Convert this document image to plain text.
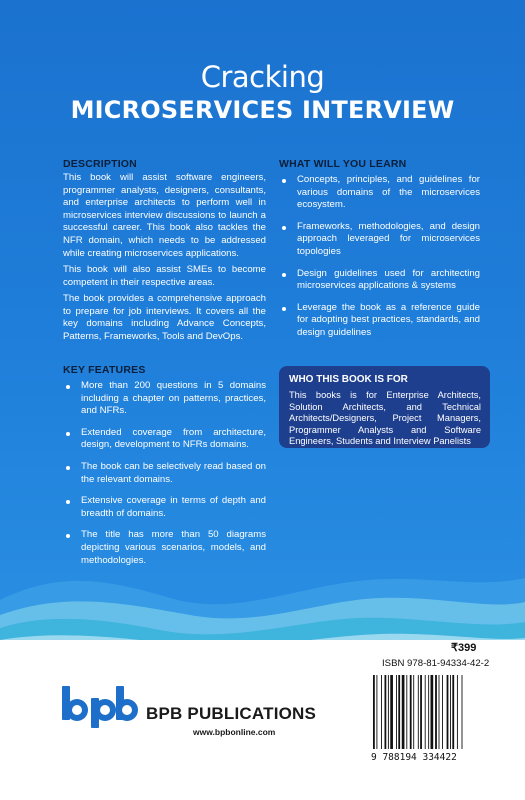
Cracking
MICROSERVICES INTERVIEW
DESCRIPTION

This book will assist software engineers, programmer analysts, designers, consultants, and enterprise architects to perform well in microservices interview discussions to launch a successful career. This book also tackles the NFR domain, which needs to be addressed while creating microservices applications.

This book will also assist SMEs to become competent in their respective areas.

The book provides a comprehensive approach to prepare for job interviews. It covers all the key domains including Advance Concepts, Patterns, Frameworks, Tools and DevOps.

WHAT WILL YOU LEARN
Concepts, principles, and guidelines for various domains of the microservices ecosystem.
Frameworks, methodologies, and design approach leveraged for microservices topologies
Design guidelines used for architecting microservices applications & systems
Leverage the book as a reference guide for adopting best practices, standards, and design guidelines
KEY FEATURES
More than 200 questions in 5 domains including a chapter on patterns, practices, and NFRs.
Extended coverage from architecture, design, development to NFRs domains.
The book can be selectively read based on the relevant domains.
Extensive coverage in terms of depth and breadth of domains.
The title has more than 50 diagrams depicting various scenarios, models, and methodologies.
WHO THIS BOOK IS FOR

This books is for Enterprise Architects, Solution Architects, and Technical Architects/Designers, Project Managers, Programmer Analysts and Software Engineers, Students and Interview Panelists

BPB PUBLICATIONS
www.bpbonline.com
₹399
ISBN 978-81-94334-42-2
9 788194 334422
